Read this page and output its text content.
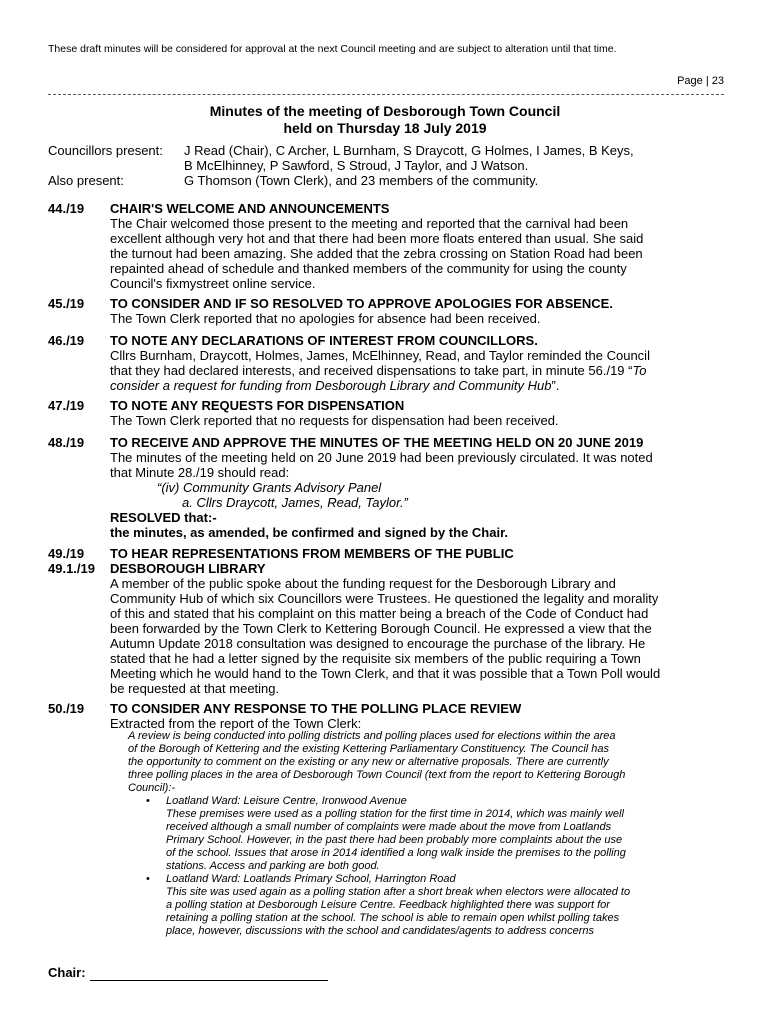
These draft minutes will be considered for approval at the next Council meeting and are subject to alteration until that time.
Page | 23
Minutes of the meeting of Desborough Town Council
held on Thursday 18 July 2019
Councillors present: J Read (Chair), C Archer, L Burnham, S Draycott, G Holmes, I James, B Keys,
B McElhinney, P Sawford, S Stroud, J Taylor, and J Watson.
Also present:	G Thomson (Town Clerk), and 23 members of the community.
44./19 CHAIR'S WELCOME AND ANNOUNCEMENTS
The Chair welcomed those present to the meeting and reported that the carnival had been
excellent although very hot and that there had been more floats entered than usual. She said
the turnout had been amazing. She added that the zebra crossing on Station Road had been
repainted ahead of schedule and thanked members of the community for using the county
Council's fixmystreet online service.
45./19 TO CONSIDER AND IF SO RESOLVED TO APPROVE APOLOGIES FOR ABSENCE.
The Town Clerk reported that no apologies for absence had been received.
46./19 TO NOTE ANY DECLARATIONS OF INTEREST FROM COUNCILLORS.
Cllrs Burnham, Draycott, Holmes, James, McElhinney, Read, and Taylor reminded the Council
that they had declared interests, and received dispensations to take part, in minute 56./19 “To
consider a request for funding from Desborough Library and Community Hub”.
47./19 TO NOTE ANY REQUESTS FOR DISPENSATION
The Town Clerk reported that no requests for dispensation had been received.
48./19 TO RECEIVE AND APPROVE THE MINUTES OF THE MEETING HELD ON 20 JUNE 2019
The minutes of the meeting held on 20 June 2019 had been previously circulated. It was noted
that Minute 28./19 should read:
“(iv) Community Grants Advisory Panel
a. Cllrs Draycott, James, Read, Taylor.”
RESOLVED that:-
the minutes, as amended, be confirmed and signed by the Chair.
49./19 TO HEAR REPRESENTATIONS FROM MEMBERS OF THE PUBLIC
49.1./19 DESBOROUGH LIBRARY
A member of the public spoke about the funding request for the Desborough Library and
Community Hub of which six Councillors were Trustees. He questioned the legality and morality
of this and stated that his complaint on this matter being a breach of the Code of Conduct had
been forwarded by the Town Clerk to Kettering Borough Council. He expressed a view that the
Autumn Update 2018 consultation was designed to encourage the purchase of the library. He
stated that he had a letter signed by the requisite six members of the public requiring a Town
Meeting which he would hand to the Town Clerk, and that it was possible that a Town Poll would
be requested at that meeting.
50./19 TO CONSIDER ANY RESPONSE TO THE POLLING PLACE REVIEW
Extracted from the report of the Town Clerk:
A review is being conducted into polling districts and polling places used for elections within the area
of the Borough of Kettering and the existing Kettering Parliamentary Constituency. The Council has
the opportunity to comment on the existing or any new or alternative proposals. There are currently
three polling places in the area of Desborough Town Council (text from the report to Kettering Borough
Council):-
• Loatland Ward: Leisure Centre, Ironwood Avenue
These premises were used as a polling station for the first time in 2014, which was mainly well
received although a small number of complaints were made about the move from Loatlands
Primary School. However, in the past there had been probably more complaints about the use
of the school. Issues that arose in 2014 identified a long walk inside the premises to the polling
stations. Access and parking are both good.
• Loatland Ward: Loatlands Primary School, Harrington Road
This site was used again as a polling station after a short break when electors were allocated to
a polling station at Desborough Leisure Centre. Feedback highlighted there was support for
retaining a polling station at the school. The school is able to remain open whilst polling takes
place, however, discussions with the school and candidates/agents to address concerns
Chair:
